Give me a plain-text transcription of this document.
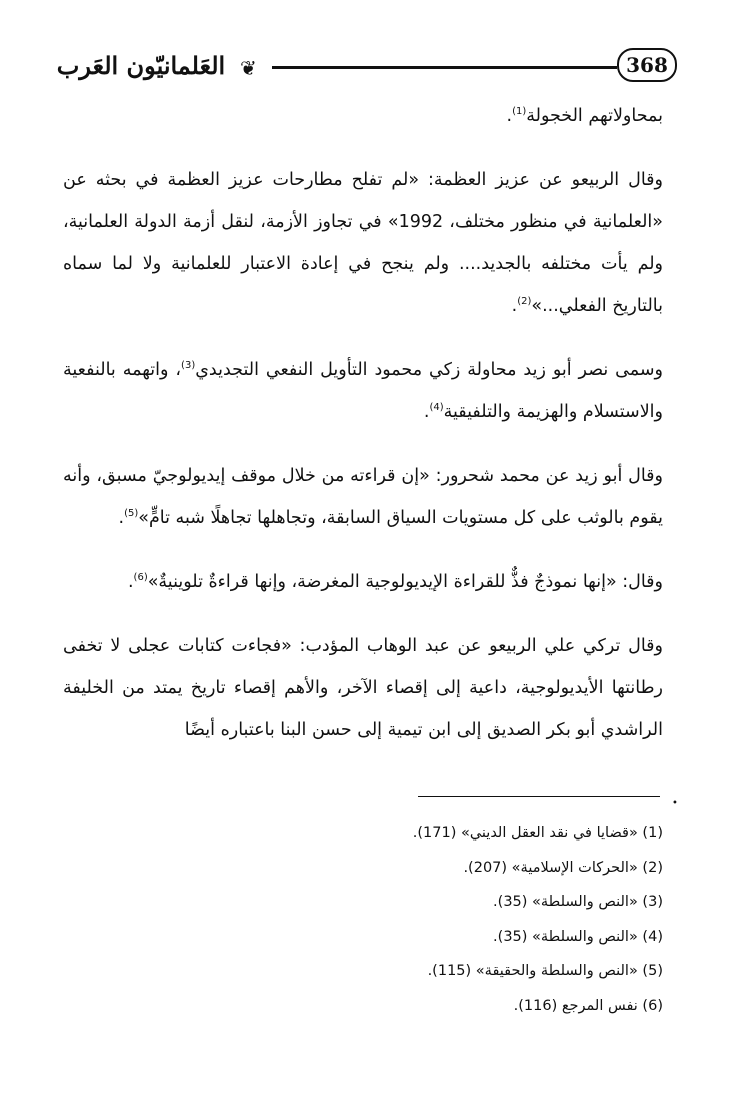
العَلمانيّون العَرب ❦	368

بمحاولاتهم الخجولة$^{(1)}$.

وقال الربيعو عن عزيز العظمة: «لم تفلح مطارحات عزيز العظمة في بحثه عن «العلمانية في منظور مختلف، 1992» في تجاوز الأزمة، لنقل أزمة الدولة العلمانية، ولم يأت مختلفه بالجديد.... ولم ينجح في إعادة الاعتبار للعلمانية ولا لما سماه بالتاريخ الفعلي...»$^{(2)}$.

وسمى نصر أبو زيد محاولة زكي محمود التأويل النفعي التجديدي$^{(3)}$، واتهمه بالنفعية والاستسلام والهزيمة والتلفيقية$^{(4)}$.

وقال أبو زيد عن محمد شحرور: «إن قراءته من خلال موقف إيديولوجيّ مسبق، وأنه يقوم بالوثب على كل مستويات السياق السابقة، وتجاهلها تجاهلًا شبه تامٍّ»$^{(5)}$.

وقال: «إنها نموذجٌ فذٌّ للقراءة الإيديولوجية المغرضة، وإنها قراءةٌ تلوينيةٌ»$^{(6)}$.

وقال تركي علي الربيعو عن عبد الوهاب المؤدب: «فجاءت كتابات عجلى لا تخفى رطانتها الأيديولوجية، داعية إلى إقصاء الآخر، والأهم إقصاء تاريخ يمتد من الخليفة الراشدي أبو بكر الصديق إلى ابن تيمية إلى حسن البنا باعتباره أيضًا

•

(1) «قضايا في نقد العقل الديني» (171).

(2) «الحركات الإسلامية» (207).

(3) «النص والسلطة» (35).

(4) «النص والسلطة» (35).

(5) «النص والسلطة والحقيقة» (115).

(6) نفس المرجع (116).
